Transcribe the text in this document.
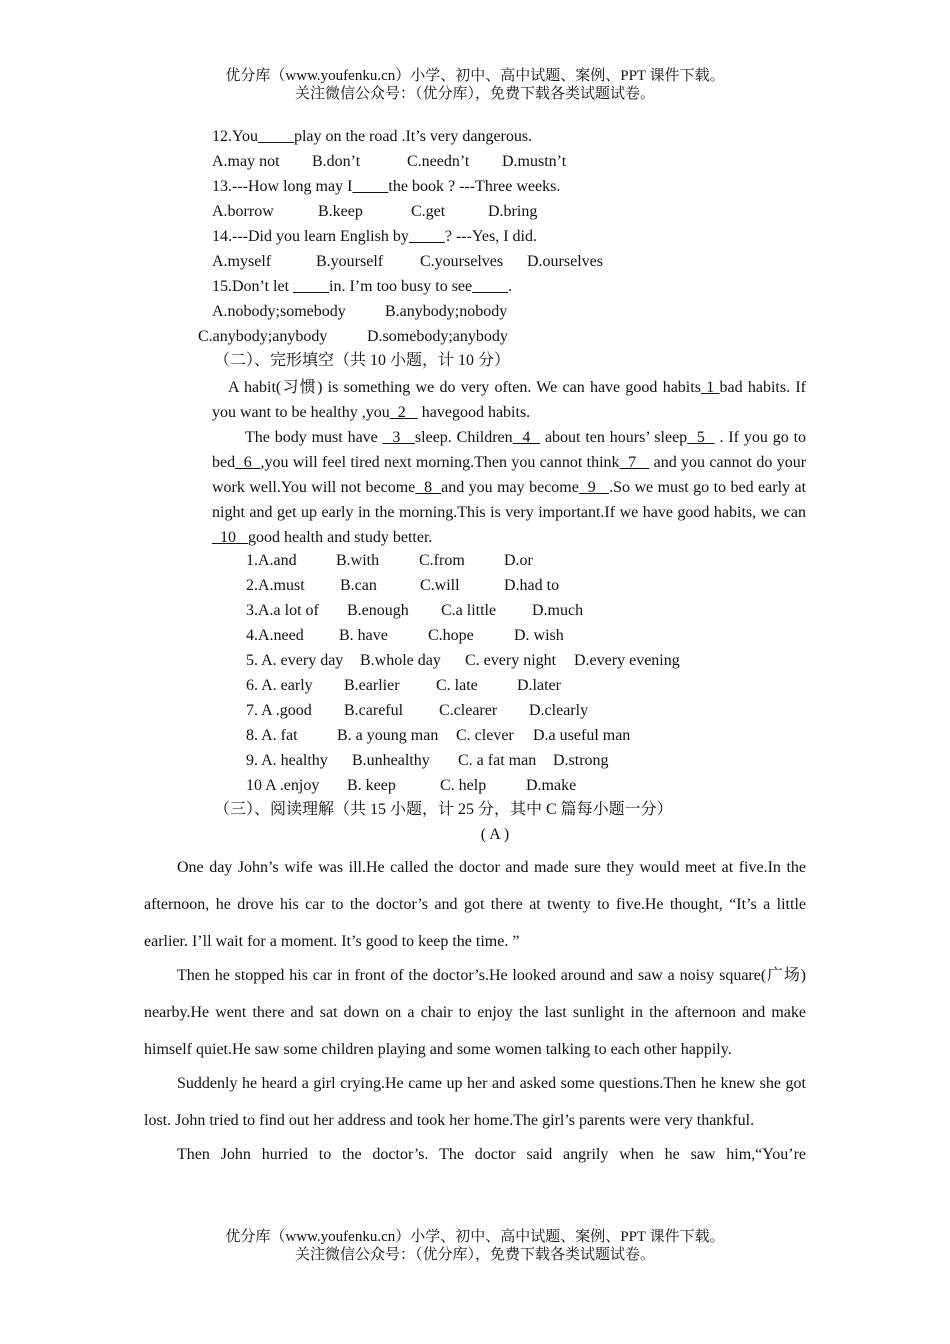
优分库（www.youfenku.cn）小学、初中、高中试题、案例、PPT 课件下载。
关注微信公众号：（优分库），免费下载各类试题试卷。
12.You play on the road .It’s very dangerous.
A.may not B.don’t	C.needn’t D.mustn’t
13.---How long may I the book ? ---Three weeks.
A.borrow	B.keep	C.get	D.bring
14.---Did you learn English by ? ---Yes, I did.
A.myself	B.yourself C.yourselves D.ourselves
15.Don’t let          in. I’m too busy to see .
A.nobody;somebody B.anybody;nobody
C.anybody;anybody D.somebody;anybody
（二）、完形填空（共 10 小题，计 10 分）

A habit(习惯) is something we do very often. We can have good habits 1 bad habits. If you want to be healthy ,you  2    havegood habits.

The body must have   3   sleep. Children  4   about ten hours’ sleep  5   . If you go to bed  6  ,you will feel tired next morning.Then you cannot think  7    and you cannot do your work well.You will not become  8  and you may become  9   .So we must go to bed early at night and get up early in the morning.This is very important.If we have good habits, we can  10   good health and study better.

1.A.and B.with C.from D.or
2.A.must B.can	C.will	D.had to
3.A.a lot of B.enough C.a little D.much
4.A.need B. have	C.hope	D. wish
5. A. every day B.whole day C. every night D.every evening
6. A. early B.earlier C. late D.later
7. A .good B.careful C.clearer D.clearly
8. A. fat B. a young man C. clever D.a useful man
9. A. healthy B.unhealthy C. a fat man D.strong
10 A .enjoy B. keep	C. help D.make
（三）、阅读理解（共 15 小题，计 25 分，其中 C 篇每小题一分）
( A )

One day John’s wife was ill.He called the doctor and made sure they would meet at five.In the afternoon, he drove his car to the doctor’s and got there at twenty to five.He thought, “It’s a little earlier. I’ll wait for a moment. It’s good to keep the time. ”

Then he stopped his car in front of the doctor’s.He looked around and saw a noisy square(广场) nearby.He went there and sat down on a chair to enjoy the last sunlight in the afternoon and make himself quiet.He saw some children playing and some women talking to each other happily.

Suddenly he heard a girl crying.He came up her and asked some questions.Then he knew she got lost. John tried to find out her address and took her home.The girl’s parents were very thankful.

Then John hurried to the doctor’s. The doctor said angrily when he saw him,“You’re

优分库（www.youfenku.cn）小学、初中、高中试题、案例、PPT 课件下载。
关注微信公众号：（优分库），免费下载各类试题试卷。
